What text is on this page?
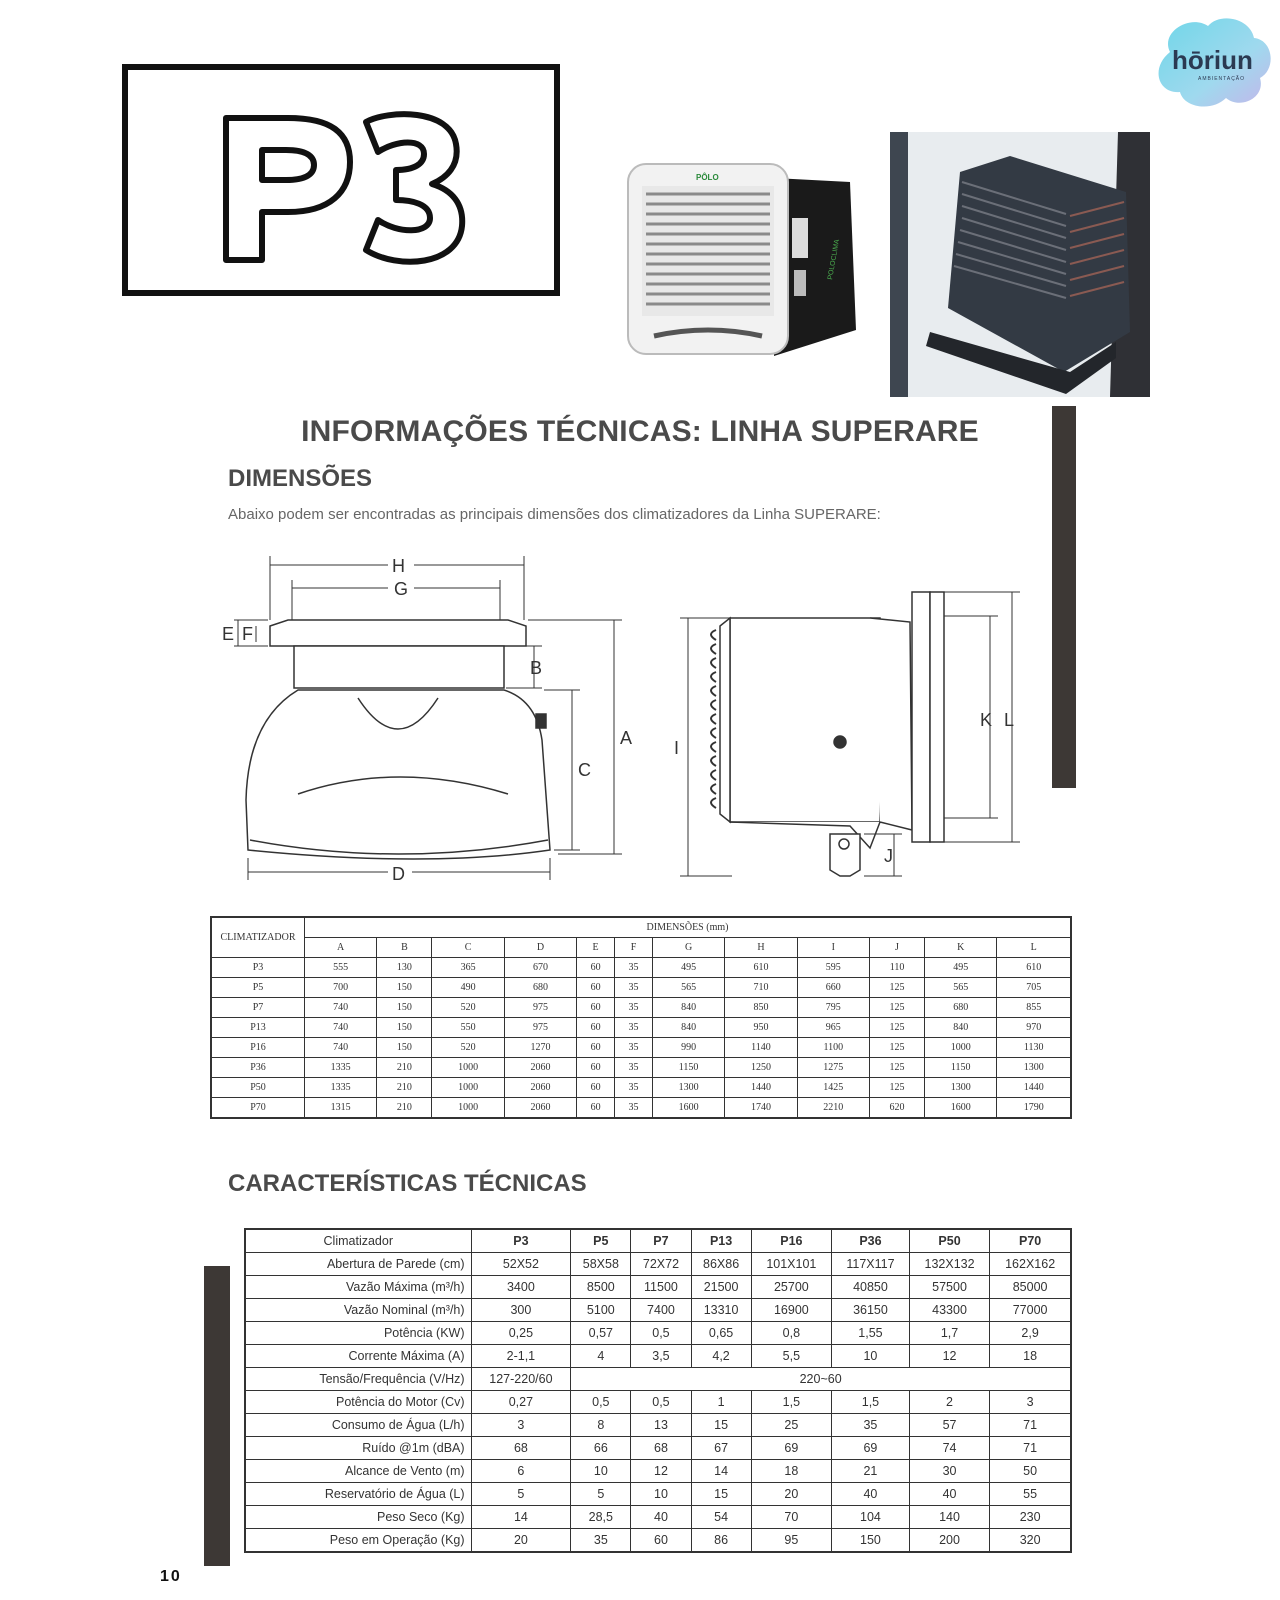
hōriun
AMBIENTAÇÃO
PÔLO
POLOCLIMA
INFORMAÇÕES TÉCNICAS: LINHA SUPERARE
DIMENSÕES
Abaixo podem ser encontradas as principais dimensões dos climatizadores da Linha SUPERARE:
H
G
E F
B
C
A
D
I
J
K L
CLIMATIZADOR	DIMENSÕES (mm)											
	A	B	C	D	E	F	G	H	I	J	K	L
P3	555	130	365	670	60	35	495	610	595	110	495	610
P5	700	150	490	680	60	35	565	710	660	125	565	705
P7	740	150	520	975	60	35	840	850	795	125	680	855
P13	740	150	550	975	60	35	840	950	965	125	840	970
P16	740	150	520	1270	60	35	990	1140	1100	125	1000	1130
P36	1335	210	1000	2060	60	35	1150	1250	1275	125	1150	1300
P50	1335	210	1000	2060	60	35	1300	1440	1425	125	1300	1440
P70	1315	210	1000	2060	60	35	1600	1740	2210	620	1600	1790
CARACTERÍSTICAS TÉCNICAS
Climatizador	P3	P5	P7	P13	P16	P36	P50	P70
Abertura de Parede (cm)	52X52	58X58	72X72	86X86	101X101	117X117	132X132	162X162
Vazão Máxima (m³/h)	3400	8500	11500	21500	25700	40850	57500	85000
Vazão Nominal (m³/h)	300	5100	7400	13310	16900	36150	43300	77000
Potência (KW)	0,25	0,57	0,5	0,65	0,8	1,55	1,7	2,9
Corrente Máxima (A)	2-1,1	4	3,5	4,2	5,5	10	12	18
Tensão/Frequência (V/Hz)	127-220/60	220~60						
Potência do Motor (Cv)	0,27	0,5	0,5	1	1,5	1,5	2	3
Consumo de Água (L/h)	3	8	13	15	25	35	57	71
Ruído @1m (dBA)	68	66	68	67	69	69	74	71
Alcance de Vento (m)	6	10	12	14	18	21	30	50
Reservatório de Água (L)	5	5	10	15	20	40	40	55
Peso Seco (Kg)	14	28,5	40	54	70	104	140	230
Peso em Operação (Kg)	20	35	60	86	95	150	200	320
10
